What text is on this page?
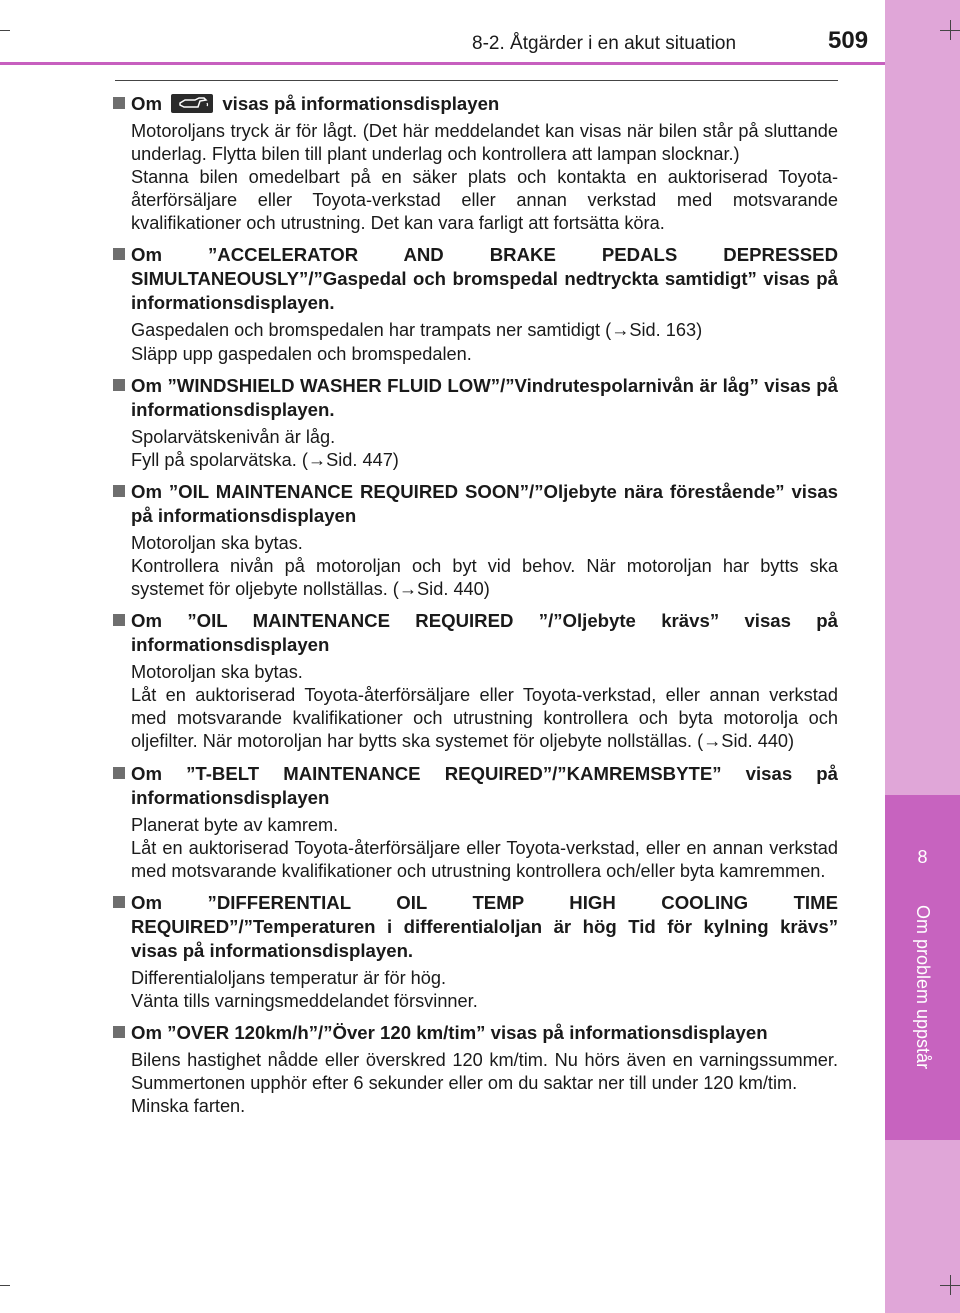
8-2. Åtgärder i en akut situation	509
8
Om problem uppstår
Om	visas på informationsdisplayen

Motoroljans tryck är för lågt. (Det här meddelandet kan visas när bilen står på sluttande underlag. Flytta bilen till plant underlag och kontrollera att lampan slocknar.)

Stanna bilen omedelbart på en säker plats och kontakta en auktoriserad Toyota-återförsäljare eller Toyota-verkstad eller annan verkstad med motsvarande kvalifikationer och utrustning. Det kan vara farligt att fortsätta köra.

Om ”ACCELERATOR AND BRAKE PEDALS DEPRESSED SIMULTANEOUSLY”/”Gaspedal och bromspedal nedtryckta samtidigt” visas på informationsdisplayen.

Gaspedalen och bromspedalen har trampats ner samtidigt (→Sid. 163)

Släpp upp gaspedalen och bromspedalen.

Om ”WINDSHIELD WASHER FLUID LOW”/”Vindrutespolarnivån är låg” visas på informationsdisplayen.

Spolarvätskenivån är låg.

Fyll på spolarvätska. (→Sid. 447)

Om ”OIL MAINTENANCE REQUIRED SOON”/”Oljebyte nära förestående” visas på informationsdisplayen

Motoroljan ska bytas.

Kontrollera nivån på motoroljan och byt vid behov. När motoroljan har bytts ska systemet för oljebyte nollställas. (→Sid. 440)

Om ”OIL MAINTENANCE REQUIRED ”/”Oljebyte krävs” visas på informationsdisplayen

Motoroljan ska bytas.

Låt en auktoriserad Toyota-återförsäljare eller Toyota-verkstad, eller annan verkstad med motsvarande kvalifikationer och utrustning kontrollera och byta motorolja och oljefilter. När motoroljan har bytts ska systemet för oljebyte nollställas. (→Sid. 440)

Om ”T-BELT MAINTENANCE REQUIRED”/”KAMREMSBYTE” visas på informationsdisplayen

Planerat byte av kamrem.

Låt en auktoriserad Toyota-återförsäljare eller Toyota-verkstad, eller en annan verkstad med motsvarande kvalifikationer och utrustning kontrollera och/eller byta kamremmen.

Om ”DIFFERENTIAL OIL TEMP HIGH COOLING TIME REQUIRED”/”Temperaturen i differentialoljan är hög Tid för kylning krävs” visas på informationsdisplayen.

Differentialoljans temperatur är för hög.

Vänta tills varningsmeddelandet försvinner.

Om ”OVER 120km/h”/”Över 120 km/tim” visas på informationsdisplayen

Bilens hastighet nådde eller överskred 120 km/tim. Nu hörs även en varningssummer. Summertonen upphör efter 6 sekunder eller om du saktar ner till under 120 km/tim.

Minska farten.
